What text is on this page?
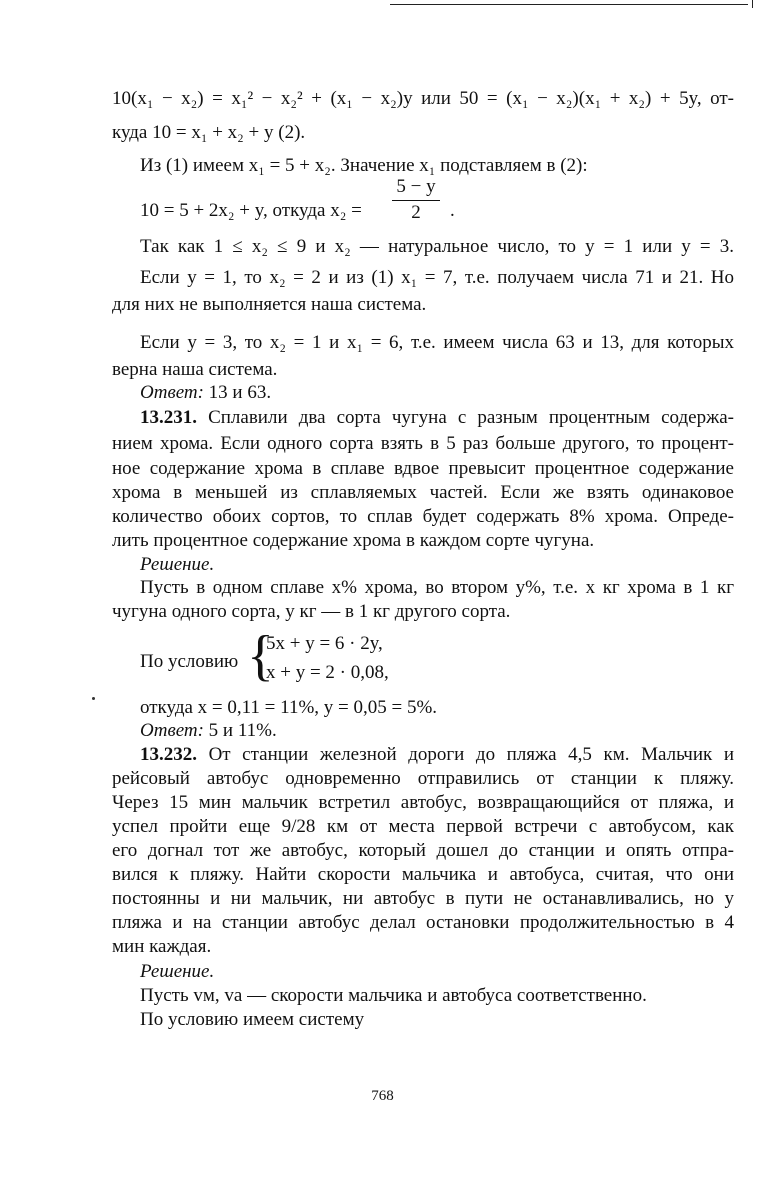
10(x₁ − x₂) = x₁² − x₂² + (x₁ − x₂)y или 50 = (x₁ − x₂)(x₁ + x₂) + 5y, от-
куда 10 = x₁ + x₂ + y (2).
Из (1) имеем x₁ = 5 + x₂. Значение x₁ подставляем в (2):
10 = 5 + 2x₂ + y, откуда x₂ =
5 − y
2	.
Так как 1 ≤ x₂ ≤ 9 и x₂ — натуральное число, то y = 1 или y = 3.
Если y = 1, то x₂ = 2 и из (1) x₁ = 7, т.е. получаем числа 71 и 21. Но
для них не выполняется наша система.
Если y = 3, то x₂ = 1 и x₁ = 6, т.е. имеем числа 63 и 13, для которых
верна наша система.
Ответ: 13 и 63.
13.231. Сплавили два сорта чугуна с разным процентным содержа-
нием хрома. Если одного сорта взять в 5 раз больше другого, то процент-
ное содержание хрома в сплаве вдвое превысит процентное содержание
хрома в меньшей из сплавляемых частей. Если же взять одинаковое
количество обоих сортов, то сплав будет содержать 8% хрома. Опреде-
лить процентное содержание хрома в каждом сорте чугуна.
Решение.
Пусть в одном сплаве x% хрома, во втором y%, т.е. x кг хрома в 1 кг
чугуна одного сорта, y кг — в 1 кг другого сорта.
По условию {
5x + y = 6 · 2y,
x + y = 2 · 0,08,
откуда x = 0,11 = 11%, y = 0,05 = 5%.
Ответ: 5 и 11%.
13.232. От станции железной дороги до пляжа 4,5 км. Мальчик и
рейсовый автобус одновременно отправились от станции к пляжу.
Через 15 мин мальчик встретил автобус, возвращающийся от пляжа, и
успел пройти еще 9/28 км от места первой встречи с автобусом, как
его догнал тот же автобус, который дошел до станции и опять отпра-
вился к пляжу. Найти скорости мальчика и автобуса, считая, что они
постоянны и ни мальчик, ни автобус в пути не останавливались, но у
пляжа и на станции автобус делал остановки продолжительностью в 4
мин каждая.
Решение.
Пусть vм, vа — скорости мальчика и автобуса соответственно.
По условию имеем систему
768
